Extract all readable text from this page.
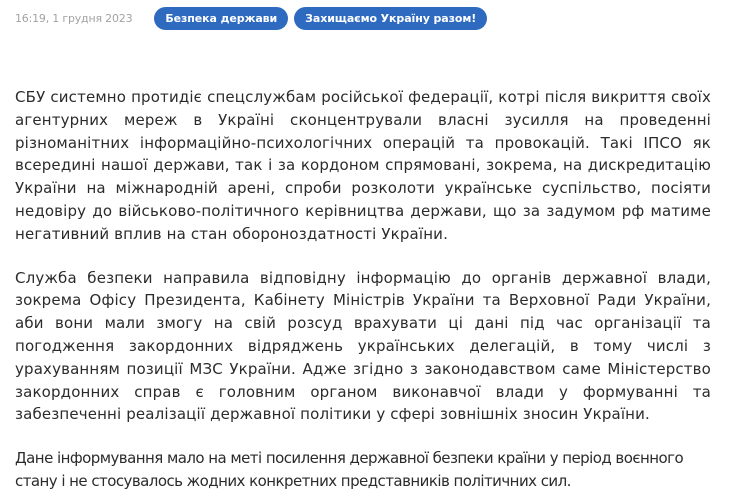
16:19, 1 грудня 2023	Безпека держави	Захищаємо Україну разом!

СБУ системно протидіє спецслужбам російської федерації, котрі після викриття своїх агентурних мереж в Україні сконцентрували власні зусилля на проведенні різноманітних інформаційно-психологічних операцій та провокацій. Такі ІПСО як всередині нашої держави, так і за кордоном спрямовані, зокрема, на дискредитацію України на міжнародній арені, спроби розколоти українське суспільство, посіяти недовіру до військово-політичного керівництва держави, що за задумом рф матиме негативний вплив на стан обороноздатності України.

Служба безпеки направила відповідну інформацію до органів державної влади, зокрема Офісу Президента, Кабінету Міністрів України та Верховної Ради України, аби вони мали змогу на свій розсуд врахувати ці дані під час організації та погодження закордонних відряджень українських делегацій, в тому числі з урахуванням позиції МЗС України. Адже згідно з законодавством саме Міністерство закордонних справ є головним органом виконавчої влади у формуванні та забезпеченні реалізації державної політики у сфері зовнішніх зносин України.

Дане інформування мало на меті посилення державної безпеки країни у період воєнного стану і не стосувалось жодних конкретних представників політичних сил.
